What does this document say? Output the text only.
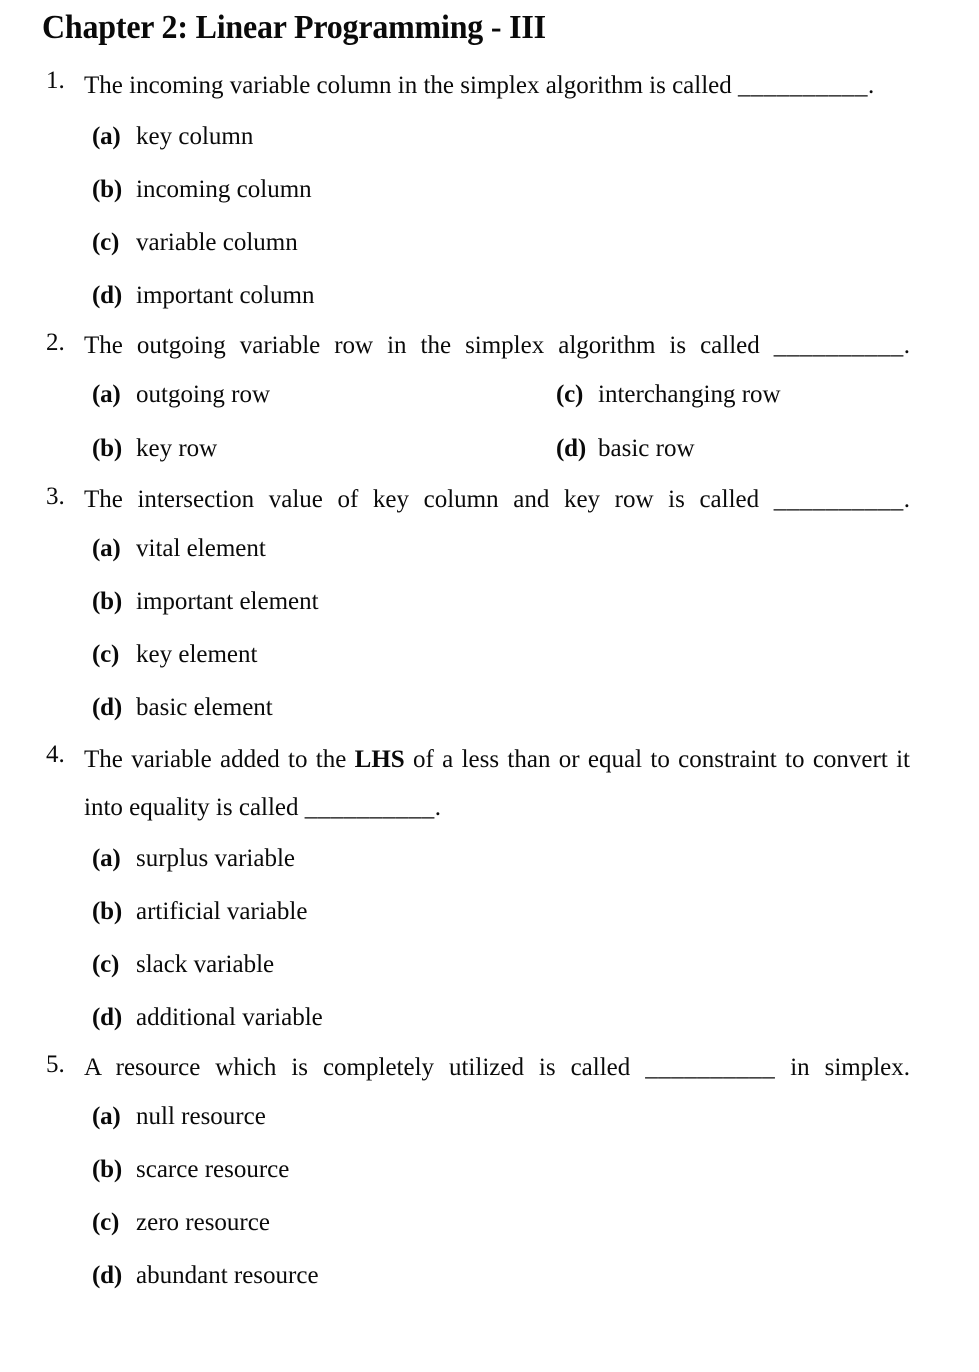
Chapter 2: Linear Programming - III
1. The incoming variable column in the simplex algorithm is called __________.
(a) key column
(b) incoming column
(c) variable column
(d) important column
2. The outgoing variable row in the simplex algorithm is called __________.
(a) outgoing row	(c) interchanging row
(b) key row	(d) basic row
3. The intersection value of key column and key row is called __________.
(a) vital element
(b) important element
(c) key element
(d) basic element
4. The variable added to the LHS of a less than or equal to constraint to convert it into equality is called __________.
(a) surplus variable
(b) artificial variable
(c) slack variable
(d) additional variable
5. A resource which is completely utilized is called __________ in simplex.
(a) null resource
(b) scarce resource
(c) zero resource
(d) abundant resource
